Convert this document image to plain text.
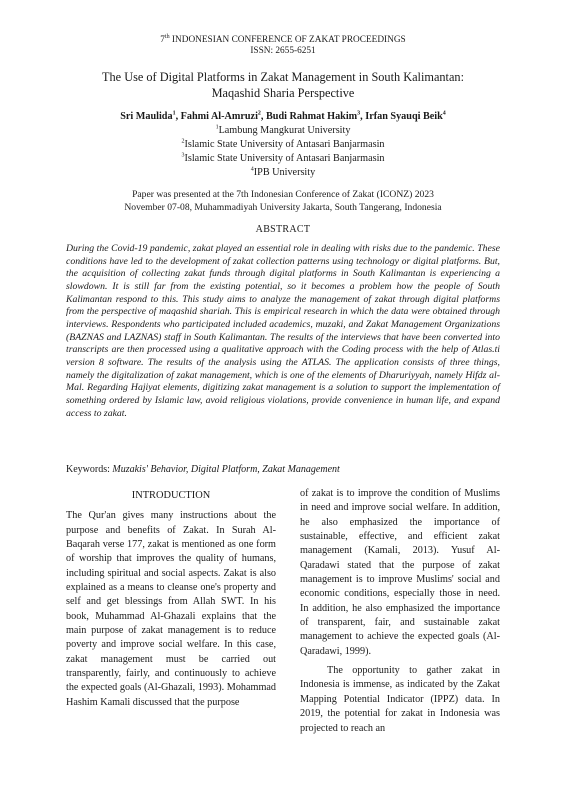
7th INDONESIAN CONFERENCE OF ZAKAT PROCEEDINGS
ISSN: 2655-6251
The Use of Digital Platforms in Zakat Management in South Kalimantan:
Maqashid Sharia Perspective
Sri Maulida$^1$, Fahmi Al-Amruzi$^2$, Budi Rahmat Hakim$^3$, Irfan Syauqi Beik$^4$
$^1$Lambung Mangkurat University
$^2$Islamic State University of Antasari Banjarmasin
$^3$Islamic State University of Antasari Banjarmasin
$^4$IPB University
Paper was presented at the 7th Indonesian Conference of Zakat (ICONZ) 2023
November 07-08, Muhammadiyah University Jakarta, South Tangerang, Indonesia
ABSTRACT
During the Covid-19 pandemic, zakat played an essential role in dealing with risks due to the pandemic. These conditions have led to the development of zakat collection patterns using technology or digital platforms. But, the acquisition of collecting zakat funds through digital platforms in South Kalimantan is experiencing a slowdown. It is still far from the existing potential, so it becomes a problem how the people of South Kalimantan respond to this. This study aims to analyze the management of zakat through digital platforms from the perspective of maqashid shariah. This is empirical research in which the data were obtained through interviews. Respondents who participated included academics, muzaki, and Zakat Management Organizations (BAZNAS and LAZNAS) staff in South Kalimantan. The results of the interviews that have been converted into transcripts are then processed using a qualitative approach with the Coding process with the help of Atlas.ti version 8 software. The results of the analysis using the ATLAS. The application consists of three things, namely the digitalization of zakat management, which is one of the elements of Dharuriyyah, namely Hifdz al-Mal. Regarding Hajiyat elements, digitizing zakat management is a solution to support the implementation of something ordered by Islamic law, avoid religious violations, provide convenience in human life, and expand access to zakat.
Keywords: Muzakis' Behavior, Digital Platform, Zakat Management
INTRODUCTION

The Qur'an gives many instructions about the purpose and benefits of Zakat. In Surah Al-Baqarah verse 177, zakat is mentioned as one form of worship that improves the quality of humans, including spiritual and social aspects. Zakat is also explained as a means to cleanse one's property and self and get blessings from Allah SWT. In his book, Muhammad Al-Ghazali explains that the main purpose of zakat management is to reduce poverty and improve social welfare. In this case, zakat management must be carried out transparently, fairly, and continuously to achieve the expected goals (Al-Ghazali, 1993). Mohammad Hashim Kamali discussed that the purpose

of zakat is to improve the condition of Muslims in need and improve social welfare. In addition, he also emphasized the importance of sustainable, effective, and efficient zakat management (Kamali, 2013). Yusuf Al-Qaradawi stated that the purpose of zakat management is to improve Muslims' social and economic conditions, especially those in need. In addition, he also emphasized the importance of transparent, fair, and sustainable zakat management to achieve the expected goals (Al-Qaradawi, 1999).

The opportunity to gather zakat in Indonesia is immense, as indicated by the Zakat Mapping Potential Indicator (IPPZ) data. In 2019, the potential for zakat in Indonesia was projected to reach an
